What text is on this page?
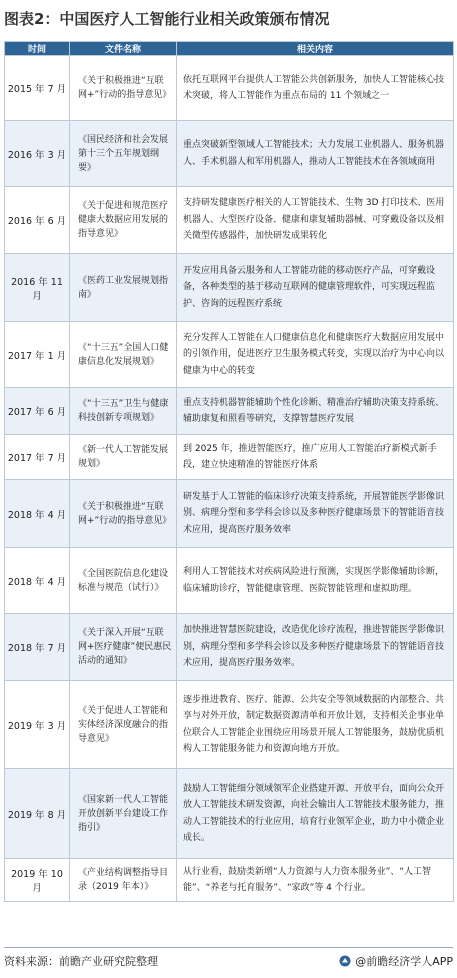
图表2：中国医疗人工智能行业相关政策颁布情况
时间	文件名称	相关内容
2015 年 7 月	《关于积极推进“互联网+”行动的指导意见》	依托互联网平台提供人工智能公共创新服务，加快人工智能核心技术突破，将人工智能作为重点布局的 11 个领域之一
2016 年 3 月	《国民经济和社会发展第十三个五年规划纲要》	重点突破新型领域人工智能技术；大力发展工业机器人、服务机器人、手术机器人和军用机器人，推动人工智能技术在各领域商用
2016 年 6 月	《关于促进和规范医疗健康大数据应用发展的指导意见》	支持研发健康医疗相关的人工智能技术、生物 3D 打印技术、医用机器人、大型医疗设备、健康和康复辅助器械、可穿戴设备以及相关微型传感器件，加快研发成果转化
2016 年 11 月	《医药工业发展规划指南》	开发应用具备云服务和人工智能功能的移动医疗产品，可穿戴设备，各种类型的基于移动互联网的健康管理软件，可实现远程监护、咨询的远程医疗系统
2017 年 1 月	《“十三五”全国人口健康信息化发展规划》	充分发挥人工智能在人口健康信息化和健康医疗大数据应用发展中的引领作用，促进医疗卫生服务模式转变，实现以治疗为中心向以健康为中心的转变
2017 年 6 月	《“十三五”卫生与健康科技创新专项规划》	重点支持机器智能辅助个性化诊断、精准治疗辅助决策支持系统、辅助康复和照看等研究，支撑智慧医疗发展
2017 年 7 月	《新一代人工智能发展规划》	到 2025 年，推进智能医疗，推广应用人工智能治疗新模式新手段，建立快速精准的智能医疗体系
2018 年 4 月	《关于积极推进“互联网+”行动的指导意见》	研发基于人工智能的临床诊疗决策支持系统，开展智能医学影像识别、病理分型和多学科会诊以及多种医疗健康场景下的智能语音技术应用，提高医疗服务效率
2018 年 4 月	《全国医院信息化建设标准与规范（试行）》	利用人工智能技术对疾病风险进行预测，实现医学影像辅助诊断，临床辅助诊疗，智能健康管理、医院智能管理和虚拟助理。
2018 年 7 月	《关于深入开展“互联网+医疗健康”便民惠民活动的通知》	加快推进智慧医院建设，改造优化诊疗流程，推进智能医学影像识别，病理分型和多学科会诊以及多种医疗健康场景下的智能语音技术应用，提高医疗服务效率。
2019 年 3 月	《关于促进人工智能和实体经济深度融合的指导意见》	逐步推进教育、医疗、能源、公共安全等领域数据的内部整合、共享与对外开放，制定数据资源清单和开放计划，支持相关企事业单位联合人工智能企业围绕应用场景开展人工智能服务，鼓励优质机构人工智能服务能力和资源向地方开放。
2019 年 8 月	《国家新一代人工智能开放创新平台建设工作指引》	鼓励人工智能细分领域领军企业搭建开源、开放平台，面向公众开放人工智能技术研发资源，向社会输出人工智能技术服务能力，推动人工智能技术的行业应用，培育行业领军企业，助力中小微企业成长。
2019 年 10 月	《产业结构调整指导目录（2019 年本）》	从行业看，鼓励类新增“人力资源与人力资本服务业”、“人工智能”、“养老与托育服务”、“家政”等 4 个行业。
资料来源：前瞻产业研究院整理	@前瞻经济学人APP
